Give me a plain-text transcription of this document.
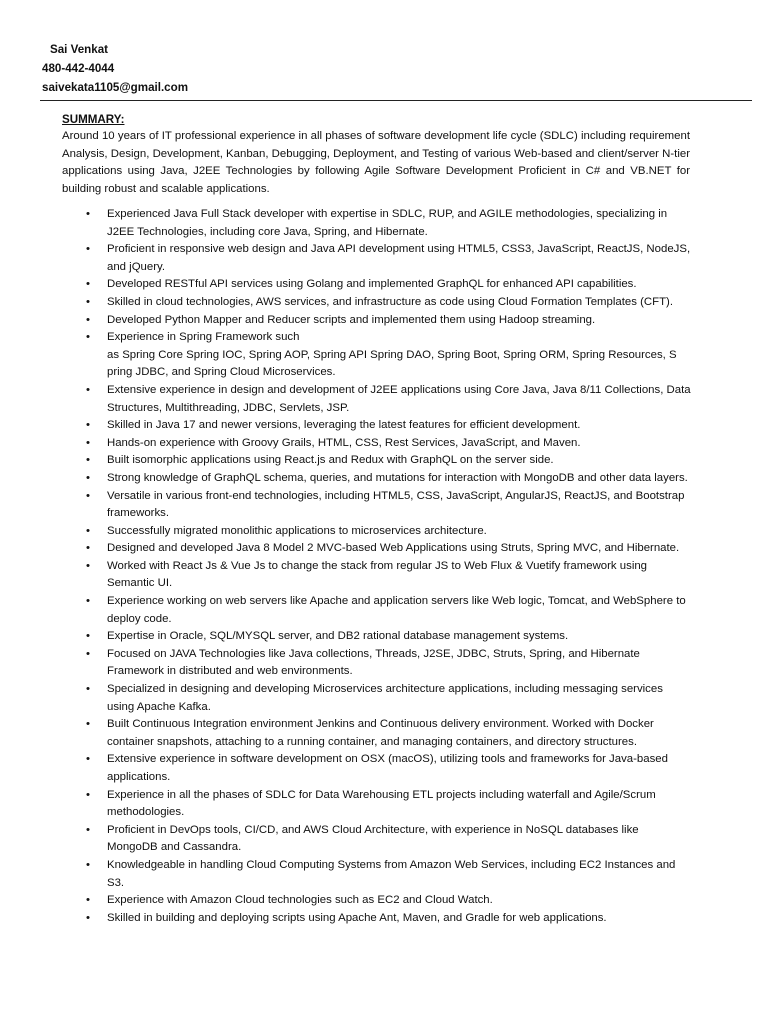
Sai Venkat
480-442-4044
saivekata1105@gmail.com
SUMMARY:
Around 10 years of IT professional experience in all phases of software development life cycle (SDLC) including requirement Analysis, Design, Development, Kanban, Debugging, Deployment, and Testing of various Web-based and client/server N-tier applications using Java, J2EE Technologies by following Agile Software Development Proficient in C# and VB.NET for building robust and scalable applications.
• Experienced Java Full Stack developer with expertise in SDLC, RUP, and AGILE methodologies, specializing in J2EE Technologies, including core Java, Spring, and Hibernate.
• Proficient in responsive web design and Java API development using HTML5, CSS3, JavaScript, ReactJS, NodeJS, and jQuery.
• Developed RESTful API services using Golang and implemented GraphQL for enhanced API capabilities.
• Skilled in cloud technologies, AWS services, and infrastructure as code using Cloud Formation Templates (CFT).
• Developed Python Mapper and Reducer scripts and implemented them using Hadoop streaming.
• Experience in Spring Framework such
as Spring Core Spring IOC, Spring AOP, Spring API Spring DAO, Spring Boot, Spring ORM, Spring Resources, S
pring JDBC, and Spring Cloud Microservices.
• Extensive experience in design and development of J2EE applications using Core Java, Java 8/11 Collections, Data Structures, Multithreading, JDBC, Servlets, JSP.
• Skilled in Java 17 and newer versions, leveraging the latest features for efficient development.
• Hands-on experience with Groovy Grails, HTML, CSS, Rest Services, JavaScript, and Maven.
• Built isomorphic applications using React.js and Redux with GraphQL on the server side.
• Strong knowledge of GraphQL schema, queries, and mutations for interaction with MongoDB and other data layers.
• Versatile in various front-end technologies, including HTML5, CSS, JavaScript, AngularJS, ReactJS, and Bootstrap frameworks.
• Successfully migrated monolithic applications to microservices architecture.
• Designed and developed Java 8 Model 2 MVC-based Web Applications using Struts, Spring MVC, and Hibernate.
• Worked with React Js & Vue Js to change the stack from regular JS to Web Flux & Vuetify framework using Semantic UI.
• Experience working on web servers like Apache and application servers like Web logic, Tomcat, and WebSphere to deploy code.
• Expertise in Oracle, SQL/MYSQL server, and DB2 rational database management systems.
• Focused on JAVA Technologies like Java collections, Threads, J2SE, JDBC, Struts, Spring, and Hibernate Framework in distributed and web environments.
• Specialized in designing and developing Microservices architecture applications, including messaging services using Apache Kafka.
• Built Continuous Integration environment Jenkins and Continuous delivery environment. Worked with Docker container snapshots, attaching to a running container, and managing containers, and directory structures.
• Extensive experience in software development on OSX (macOS), utilizing tools and frameworks for Java-based applications.
• Experience in all the phases of SDLC for Data Warehousing ETL projects including waterfall and Agile/Scrum methodologies.
• Proficient in DevOps tools, CI/CD, and AWS Cloud Architecture, with experience in NoSQL databases like MongoDB and Cassandra.
• Knowledgeable in handling Cloud Computing Systems from Amazon Web Services, including EC2 Instances and S3.
• Experience with Amazon Cloud technologies such as EC2 and Cloud Watch.
• Skilled in building and deploying scripts using Apache Ant, Maven, and Gradle for web applications.
